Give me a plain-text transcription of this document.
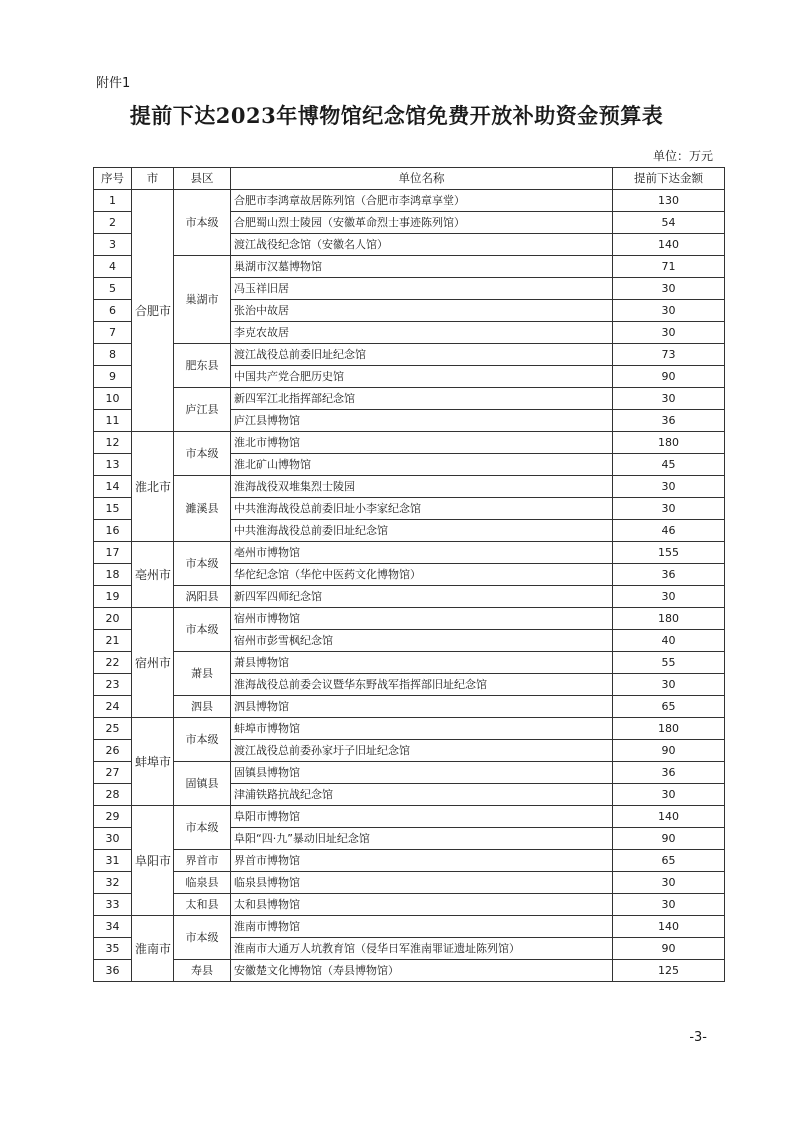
附件1
提前下达2023年博物馆纪念馆免费开放补助资金预算表
单位：万元
序号	市	县区	单位名称	提前下达金额
1	合肥市	市本级	合肥市李鸿章故居陈列馆（合肥市李鸿章享堂）	130
2			合肥蜀山烈士陵园（安徽革命烈士事迹陈列馆）	54
3			渡江战役纪念馆（安徽名人馆）	140
4		巢湖市	巢湖市汉墓博物馆	71
5			冯玉祥旧居	30
6			张治中故居	30
7			李克农故居	30
8		肥东县	渡江战役总前委旧址纪念馆	73
9			中国共产党合肥历史馆	90
10		庐江县	新四军江北指挥部纪念馆	30
11			庐江县博物馆	36
12	淮北市	市本级	淮北市博物馆	180
13			淮北矿山博物馆	45
14		濉溪县	淮海战役双堆集烈士陵园	30
15			中共淮海战役总前委旧址小李家纪念馆	30
16			中共淮海战役总前委旧址纪念馆	46
17	亳州市	市本级	亳州市博物馆	155
18			华佗纪念馆（华佗中医药文化博物馆）	36
19		涡阳县	新四军四师纪念馆	30
20	宿州市	市本级	宿州市博物馆	180
21			宿州市彭雪枫纪念馆	40
22		萧县	萧县博物馆	55
23			淮海战役总前委会议暨华东野战军指挥部旧址纪念馆	30
24		泗县	泗县博物馆	65
25	蚌埠市	市本级	蚌埠市博物馆	180
26			渡江战役总前委孙家圩子旧址纪念馆	90
27		固镇县	固镇县博物馆	36
28			津浦铁路抗战纪念馆	30
29	阜阳市	市本级	阜阳市博物馆	140
30			阜阳“四·九”暴动旧址纪念馆	90
31		界首市	界首市博物馆	65
32		临泉县	临泉县博物馆	30
33		太和县	太和县博物馆	30
34	淮南市	市本级	淮南市博物馆	140
35			淮南市大通万人坑教育馆（侵华日军淮南罪证遗址陈列馆）	90
36		寿县	安徽楚文化博物馆（寿县博物馆）	125
-3-
